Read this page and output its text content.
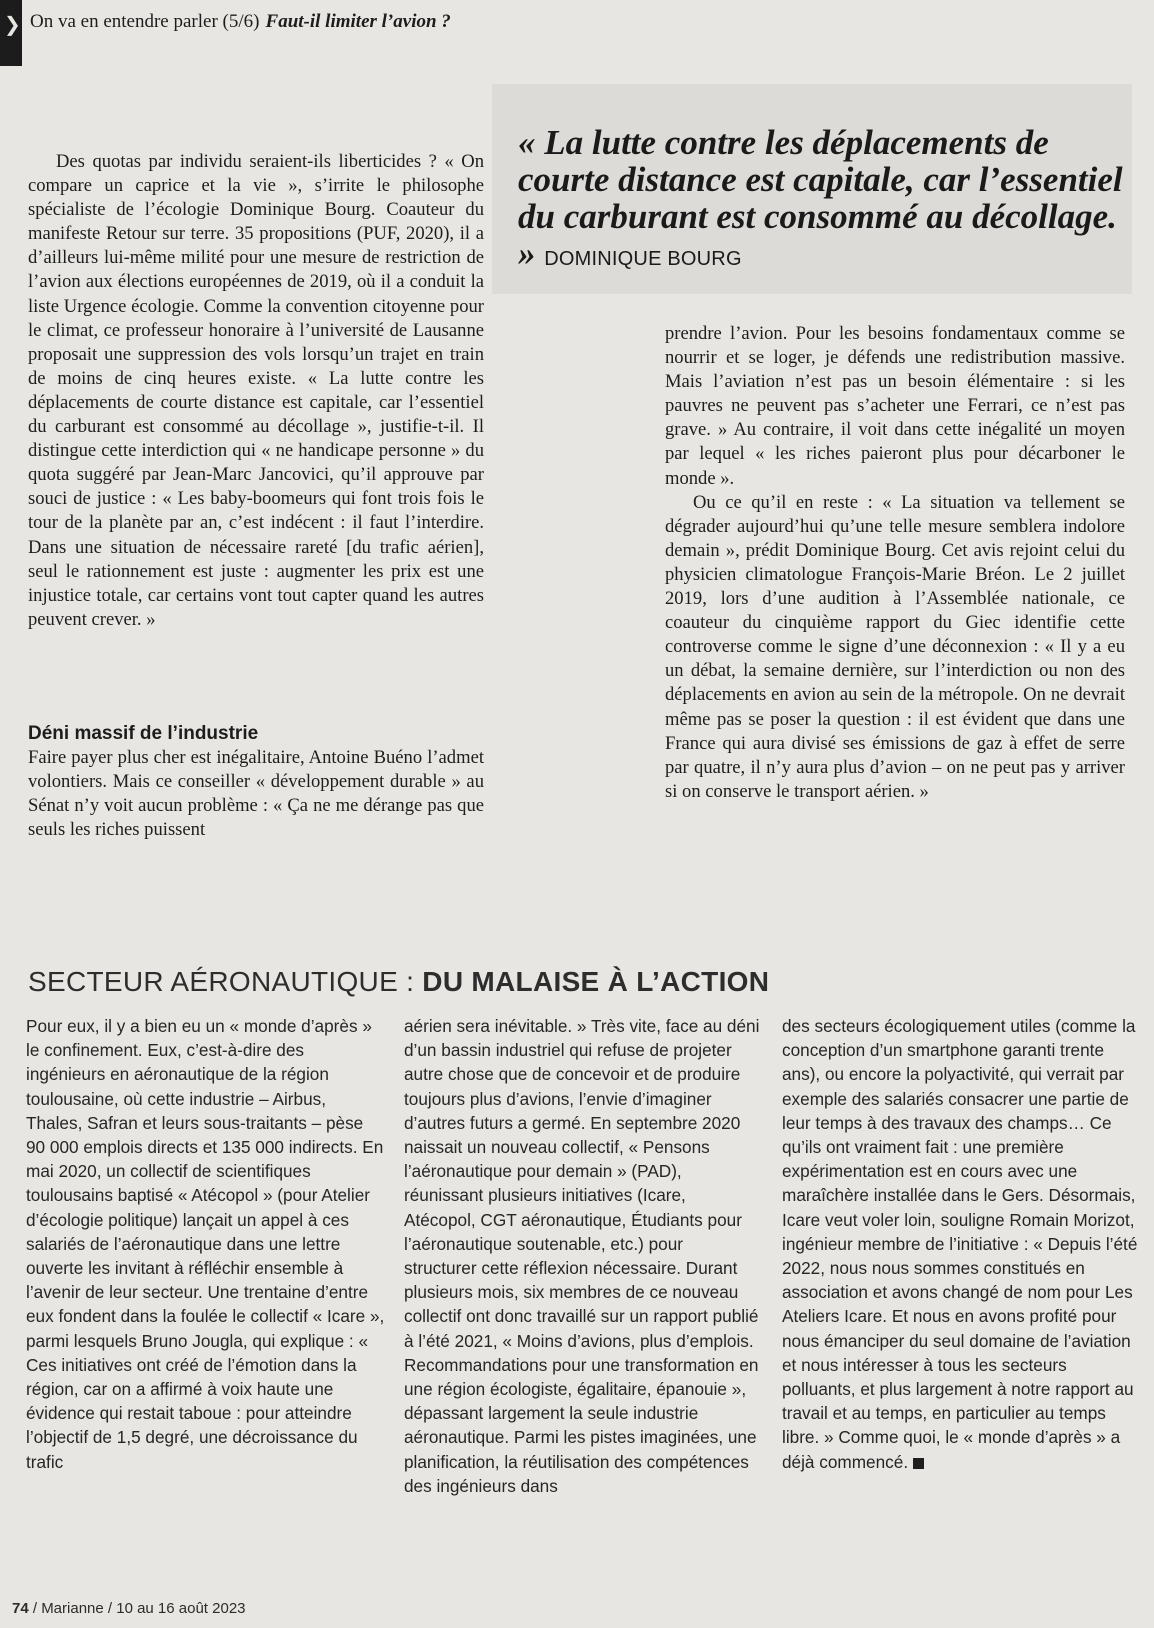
❯ On va en entendre parler (5/6) Faut-il limiter l’avion ?
« La lutte contre les déplacements de courte distance est capitale, car l’essentiel du carburant est consommé au décollage. » DOMINIQUE BOURG

Des quotas par individu seraient-ils liberticides ? « On compare un caprice et la vie », s’irrite le philosophe spécialiste de l’écologie Dominique Bourg. Coauteur du manifeste Retour sur terre. 35 propositions (PUF, 2020), il a d’ailleurs lui-même milité pour une mesure de restriction de l’avion aux élections européennes de 2019, où il a conduit la liste Urgence écologie. Comme la convention citoyenne pour le climat, ce professeur honoraire à l’université de Lausanne proposait une suppression des vols lorsqu’un trajet en train de moins de cinq heures existe. « La lutte contre les déplacements de courte distance est capitale, car l’essentiel du carburant est consommé au décollage », justifie-t-il. Il distingue cette interdiction qui « ne handicape personne » du quota suggéré par Jean-Marc Jancovici, qu’il approuve par souci de justice : « Les baby-boomeurs qui font trois fois le tour de la planète par an, c’est indécent : il faut l’interdire. Dans une situation de nécessaire rareté [du trafic aérien], seul le rationnement est juste : augmenter les prix est une injustice totale, car certains vont tout capter quand les autres peuvent crever. »

Déni massif de l’industrie

Faire payer plus cher est inégalitaire, Antoine Buéno l’admet volontiers. Mais ce conseiller « développement durable » au Sénat n’y voit aucun problème : « Ça ne me dérange pas que seuls les riches puissent

prendre l’avion. Pour les besoins fondamentaux comme se nourrir et se loger, je défends une redistribution massive. Mais l’aviation n’est pas un besoin élémentaire : si les pauvres ne peuvent pas s’acheter une Ferrari, ce n’est pas grave. » Au contraire, il voit dans cette inégalité un moyen par lequel « les riches paieront plus pour décarboner le monde ».

Ou ce qu’il en reste : « La situation va tellement se dégrader aujourd’hui qu’une telle mesure semblera indolore demain », prédit Dominique Bourg. Cet avis rejoint celui du physicien climatologue François-Marie Bréon. Le 2 juillet 2019, lors d’une audition à l’Assemblée nationale, ce coauteur du cinquième rapport du Giec identifie cette controverse comme le signe d’une déconnexion : « Il y a eu un débat, la semaine dernière, sur l’interdiction ou non des déplacements en avion au sein de la métropole. On ne devrait même pas se poser la question : il est évident que dans une France qui aura divisé ses émissions de gaz à effet de serre par quatre, il n’y aura plus d’avion – on ne peut pas y arriver si on conserve le transport aérien. »

SECTEUR AÉRONAUTIQUE : DU MALAISE À L’ACTION

Pour eux, il y a bien eu un « monde d’après » le confinement. Eux, c’est-à-dire des ingénieurs en aéronautique de la région toulousaine, où cette industrie – Airbus, Thales, Safran et leurs sous-traitants – pèse 90 000 emplois directs et 135 000 indirects. En mai 2020, un collectif de scientifiques toulousains baptisé « Atécopol » (pour Atelier d’écologie politique) lançait un appel à ces salariés de l’aéronautique dans une lettre ouverte les invitant à réfléchir ensemble à l’avenir de leur secteur. Une trentaine d’entre eux fondent dans la foulée le collectif « Icare », parmi lesquels Bruno Jougla, qui explique : « Ces initiatives ont créé de l’émotion dans la région, car on a affirmé à voix haute une évidence qui restait taboue : pour atteindre l’objectif de 1,5 degré, une décroissance du trafic

aérien sera inévitable. » Très vite, face au déni d’un bassin industriel qui refuse de projeter autre chose que de concevoir et de produire toujours plus d’avions, l’envie d’imaginer d’autres futurs a germé. En septembre 2020 naissait un nouveau collectif, « Pensons l’aéronautique pour demain » (PAD), réunissant plusieurs initiatives (Icare, Atécopol, CGT aéronautique, Étudiants pour l’aéronautique soutenable, etc.) pour structurer cette réflexion nécessaire. Durant plusieurs mois, six membres de ce nouveau collectif ont donc travaillé sur un rapport publié à l’été 2021, « Moins d’avions, plus d’emplois. Recommandations pour une transformation en une région écologiste, égalitaire, épanouie », dépassant largement la seule industrie aéronautique. Parmi les pistes imaginées, une planification, la réutilisation des compétences des ingénieurs dans

des secteurs écologiquement utiles (comme la conception d’un smartphone garanti trente ans), ou encore la polyactivité, qui verrait par exemple des salariés consacrer une partie de leur temps à des travaux des champs… Ce qu’ils ont vraiment fait : une première expérimentation est en cours avec une maraîchère installée dans le Gers. Désormais, Icare veut voler loin, souligne Romain Morizot, ingénieur membre de l’initiative : « Depuis l’été 2022, nous nous sommes constitués en association et avons changé de nom pour Les Ateliers Icare. Et nous en avons profité pour nous émanciper du seul domaine de l’aviation et nous intéresser à tous les secteurs polluants, et plus largement à notre rapport au travail et au temps, en particulier au temps libre. » Comme quoi, le « monde d’après » a déjà commencé.

74 / Marianne / 10 au 16 août 2023
